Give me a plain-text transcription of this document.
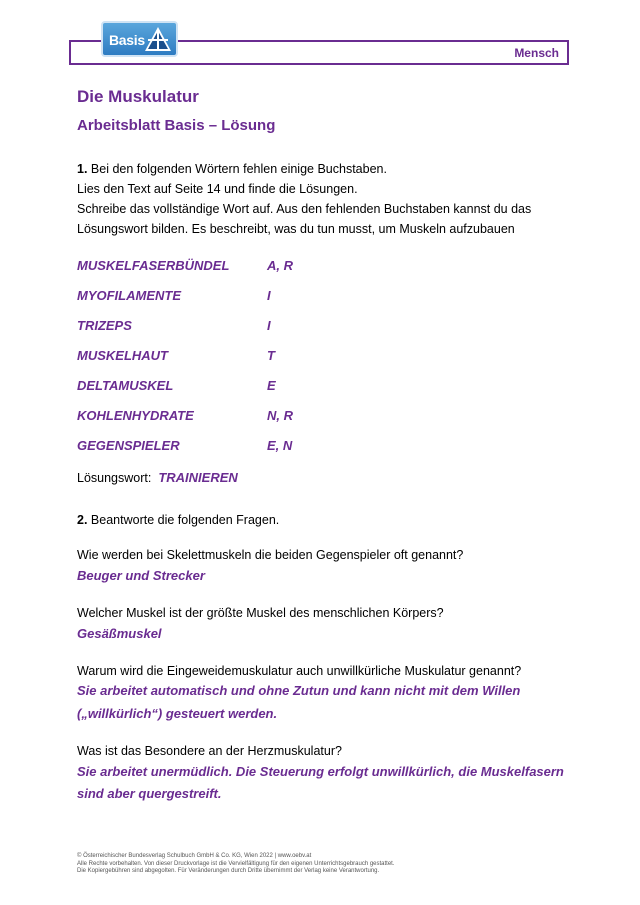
Mensch
Basis
Die Muskulatur
Arbeitsblatt Basis – Lösung
1. Bei den folgenden Wörtern fehlen einige Buchstaben.
Lies den Text auf Seite 14 und finde die Lösungen.
Schreibe das vollständige Wort auf. Aus den fehlenden Buchstaben kannst du das
Lösungswort bilden. Es beschreibt, was du tun musst, um Muskeln aufzubauen
MUSKELFASERBÜNDEL	A, R
MYOFILAMENTE	I
TRIZEPS	I
MUSKELHAUT	T
DELTAMUSKEL	E
KOHLENHYDRATE	N, R
GEGENSPIELER	E, N
Lösungswort: TRAINIEREN
2. Beantworte die folgenden Fragen.
Wie werden bei Skelettmuskeln die beiden Gegenspieler oft genannt?
Beuger und Strecker
Welcher Muskel ist der größte Muskel des menschlichen Körpers?
Gesäßmuskel
Warum wird die Eingeweidemuskulatur auch unwillkürliche Muskulatur genannt?
Sie arbeitet automatisch und ohne Zutun und kann nicht mit dem Willen
(„willkürlich“) gesteuert werden.
Was ist das Besondere an der Herzmuskulatur?
Sie arbeitet unermüdlich. Die Steuerung erfolgt unwillkürlich, die Muskelfasern
sind aber quergestreift.
© Österreichischer Bundesverlag Schulbuch GmbH & Co. KG, Wien 2022 | www.oebv.at
Alle Rechte vorbehalten. Von dieser Druckvorlage ist die Vervielfältigung für den eigenen Unterrichtsgebrauch gestattet.
Die Kopiergebühren sind abgegolten. Für Veränderungen durch Dritte übernimmt der Verlag keine Verantwortung.
